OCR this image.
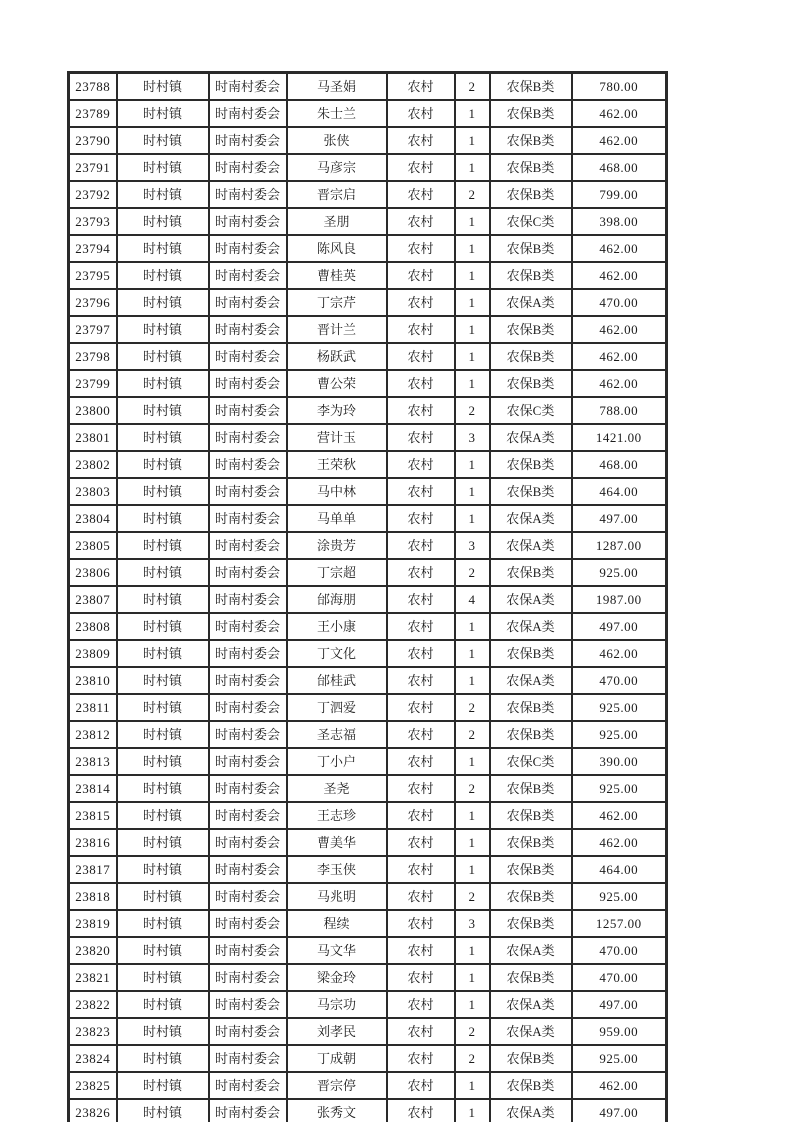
23788	时村镇	时南村委会	马圣娟	农村	2	农保B类	780.00
23789	时村镇	时南村委会	朱士兰	农村	1	农保B类	462.00
23790	时村镇	时南村委会	张侠	农村	1	农保B类	462.00
23791	时村镇	时南村委会	马彦宗	农村	1	农保B类	468.00
23792	时村镇	时南村委会	晋宗启	农村	2	农保B类	799.00
23793	时村镇	时南村委会	圣朋	农村	1	农保C类	398.00
23794	时村镇	时南村委会	陈风良	农村	1	农保B类	462.00
23795	时村镇	时南村委会	曹桂英	农村	1	农保B类	462.00
23796	时村镇	时南村委会	丁宗芹	农村	1	农保A类	470.00
23797	时村镇	时南村委会	晋计兰	农村	1	农保B类	462.00
23798	时村镇	时南村委会	杨跃武	农村	1	农保B类	462.00
23799	时村镇	时南村委会	曹公荣	农村	1	农保B类	462.00
23800	时村镇	时南村委会	李为玲	农村	2	农保C类	788.00
23801	时村镇	时南村委会	营计玉	农村	3	农保A类	1421.00
23802	时村镇	时南村委会	王荣秋	农村	1	农保B类	468.00
23803	时村镇	时南村委会	马中林	农村	1	农保B类	464.00
23804	时村镇	时南村委会	马单单	农村	1	农保A类	497.00
23805	时村镇	时南村委会	涂贵芳	农村	3	农保A类	1287.00
23806	时村镇	时南村委会	丁宗超	农村	2	农保B类	925.00
23807	时村镇	时南村委会	邰海朋	农村	4	农保A类	1987.00
23808	时村镇	时南村委会	王小康	农村	1	农保A类	497.00
23809	时村镇	时南村委会	丁文化	农村	1	农保B类	462.00
23810	时村镇	时南村委会	邰桂武	农村	1	农保A类	470.00
23811	时村镇	时南村委会	丁泗爱	农村	2	农保B类	925.00
23812	时村镇	时南村委会	圣志福	农村	2	农保B类	925.00
23813	时村镇	时南村委会	丁小户	农村	1	农保C类	390.00
23814	时村镇	时南村委会	圣尧	农村	2	农保B类	925.00
23815	时村镇	时南村委会	王志珍	农村	1	农保B类	462.00
23816	时村镇	时南村委会	曹美华	农村	1	农保B类	462.00
23817	时村镇	时南村委会	李玉侠	农村	1	农保B类	464.00
23818	时村镇	时南村委会	马兆明	农村	2	农保B类	925.00
23819	时村镇	时南村委会	程续	农村	3	农保B类	1257.00
23820	时村镇	时南村委会	马文华	农村	1	农保A类	470.00
23821	时村镇	时南村委会	梁金玲	农村	1	农保B类	470.00
23822	时村镇	时南村委会	马宗功	农村	1	农保A类	497.00
23823	时村镇	时南村委会	刘孝民	农村	2	农保A类	959.00
23824	时村镇	时南村委会	丁成朝	农村	2	农保B类	925.00
23825	时村镇	时南村委会	晋宗停	农村	1	农保B类	462.00
23826	时村镇	时南村委会	张秀文	农村	1	农保A类	497.00
